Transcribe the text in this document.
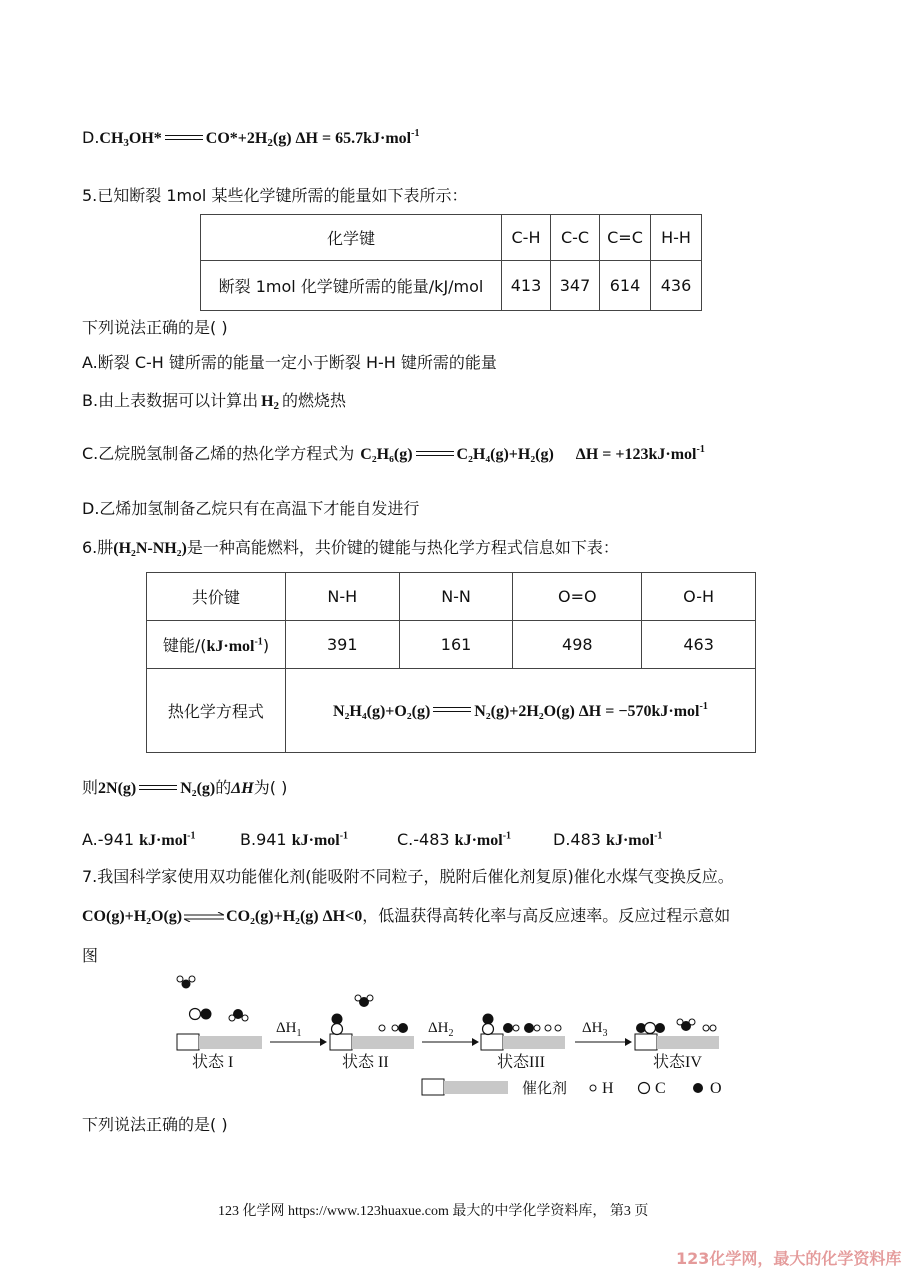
$D.CH_3OH*$	$CO*+2H_2(g) \Delta H = 65.7kJ\cdot mol^{-1}$
5.已知断裂 1mol 某些化学键所需的能量如下表所示：
化学键	C-H	C-C	C=C	H-H
断裂 1mol 化学键所需的能量/kJ/mol	413	347	614	436
下列说法正确的是( )
A.断裂 C-H 键所需的能量一定小于断裂 H-H 键所需的能量
B.由上表数据可以计算出 $H_2$ 的燃烧热
C.乙烷脱氢制备乙烯的热化学方程式为 C₂H₆(g)	C₂H₄(g)+H₂(g) ΔH = +123kJ·mol$^{-1}$
D.乙烯加氢制备乙烷只有在高温下才能自发进行
6.肼(H₂N-NH₂)是一种高能燃料，共价键的键能与热化学方程式信息如下表：
共价键	N-H	N-N	O=O	O-H
键能/(kJ·mol$^{-1}$)	391	161	498	463
热化学方程式	N₂H₄(g)+O₂(g) N₂(g)+2H₂O(g) ΔH = −570kJ·mol$^{-1}$
则2N(g)	N₂(g)的ΔH为( )
A.-941 kJ·mol$^{-1}$	B.941 kJ·mol$^{-1}$	C.-483 kJ·mol$^{-1}$	D.483 kJ·mol$^{-1}$
7.我国科学家使用双功能催化剂(能吸附不同粒子，脱附后催化剂复原)催化水煤气变换反应。
CO(g)+H₂O(g) ⇌ CO₂(g)+H₂(g) ΔH<0，低温获得高转化率与高反应速率。反应过程示意如
图
状态 I
$\Delta H_1$
状态 II
$\Delta H_2$
状态III
$\Delta H_3$
状态IV
催化剂 H	C	O
下列说法正确的是( )
123 化学网 https://www.123huaxue.com 最大的中学化学资料库， 第3 页
123化学网，最大的化学资料库
